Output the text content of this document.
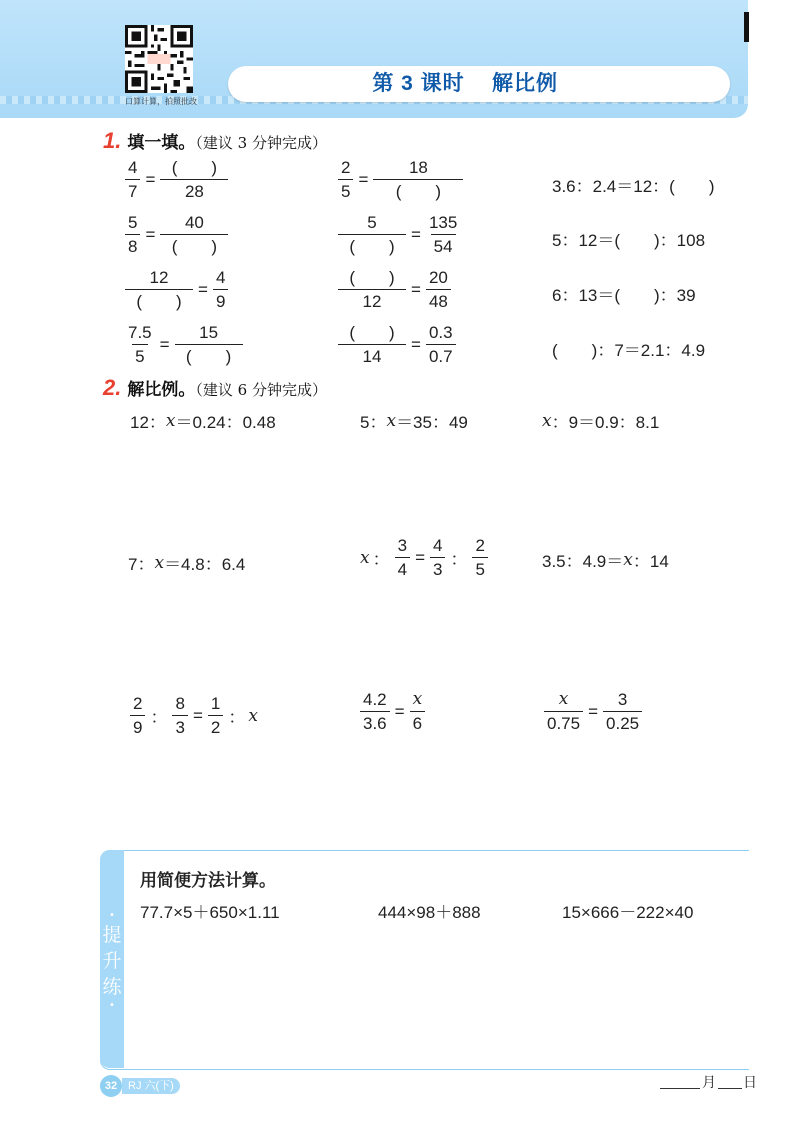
口算计算，拍照批改
第 3 课时    解比例
1. 填一填。（建议 3 分钟完成）
$\frac{4}{7} = \frac{( )}{28}$	$\frac{2}{5} = \frac{18}{( )}$	3.6：2.4＝12：(　　)
$\frac{5}{8} = \frac{40}{( )}$	$\frac{5}{( )} = \frac{135}{54}$	5：12＝(　　)：108
$\frac{12}{( )} = \frac{4}{9}$	$\frac{( )}{12} = \frac{20}{48}$	6：13＝(　　)：39
$\frac{7.5}{5} = \frac{15}{( )}$	$\frac{( )}{14} = \frac{0.3}{0.7}$	(　　)：7＝2.1：4.9
2. 解比例。（建议 6 分钟完成）
12： x ＝0.24：0.48	5： x ＝35：49	x ：9＝0.9：8.1
7： x ＝4.8：6.4	x ： $\frac{3}{4} = \frac{4}{3}$ ： $\frac{2}{5}$	3.5：4.9＝ x ：14
$\frac{2}{9}$ ： $\frac{8}{3} = \frac{1}{2}$ ： x	$\frac{4.2}{3.6} = \frac{x}{6}$	$\frac{x}{0.75} = \frac{3}{0.25}$
•
提
升
练
•
用简便方法计算。
77.7×5＋650×1.11	444×98＋888	15×666－222×40
32 RJ 六(下)	月 日
